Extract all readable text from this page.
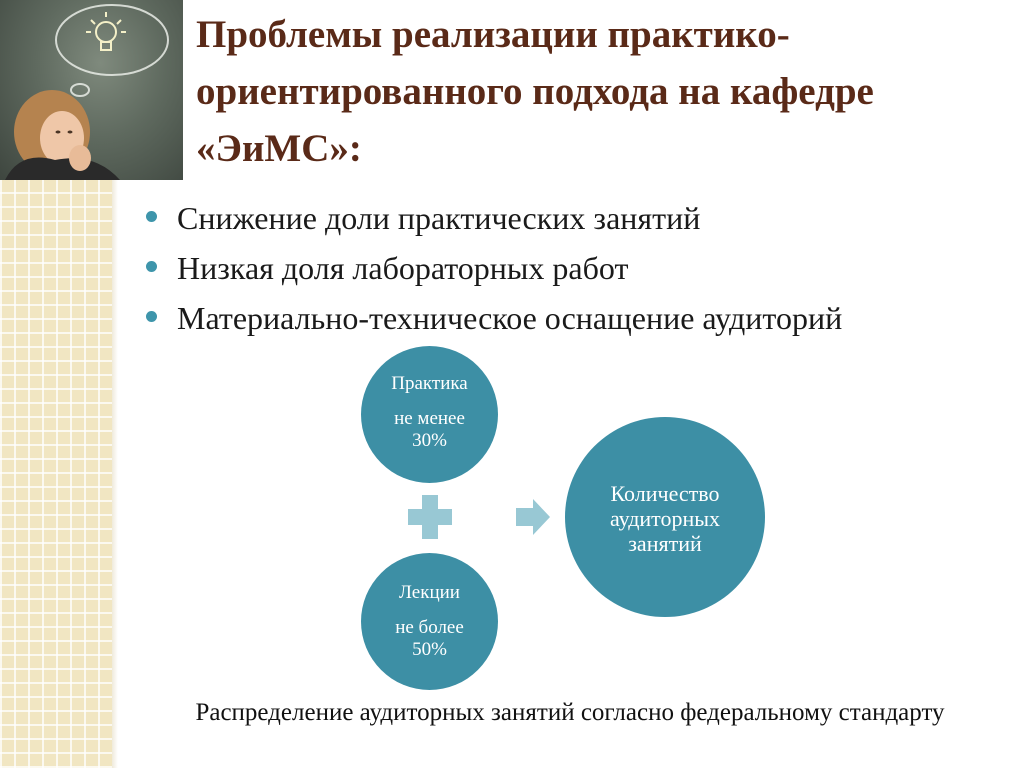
Проблемы реализации практико-
ориентированного подхода на кафедре
«ЭиМС»:
Снижение доли практических занятий
Низкая доля лабораторных работ
Материально-техническое оснащение аудиторий
Практика
не менее 30%
Лекции
не более 50%
Количество аудиторных занятий
Распределение аудиторных занятий согласно федеральному стандарту
